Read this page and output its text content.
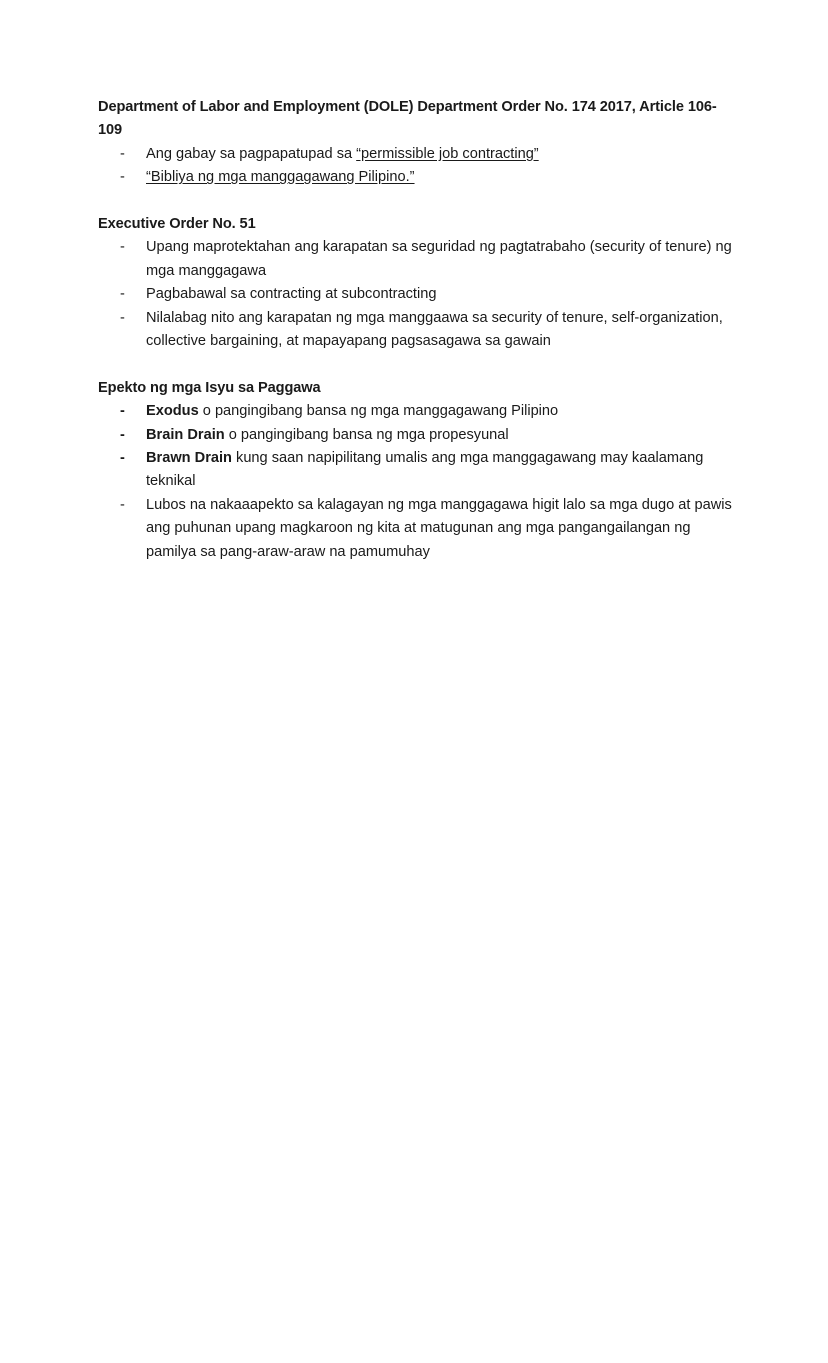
Department of Labor and Employment (DOLE) Department Order No. 174 2017, Article 106-109

-	Ang gabay sa pagpapatupad sa “permissible job contracting”
-	“Bibliya ng mga manggagawang Pilipino.”

Executive Order No. 51

-	Upang maprotektahan ang karapatan sa seguridad ng pagtatrabaho (security of tenure) ng mga manggagawa
-	Pagbabawal sa contracting at subcontracting
-	Nilalabag nito ang karapatan ng mga manggaawa sa security of tenure, self-organization, collective bargaining, at mapayapang pagsasagawa sa gawain

Epekto ng mga Isyu sa Paggawa

-	Exodus o pangingibang bansa ng mga manggagawang Pilipino
-	Brain Drain o pangingibang bansa ng mga propesyunal
-	Brawn Drain kung saan napipilitang umalis ang mga manggagawang may kaalamang teknikal
-	Lubos na nakaaapekto sa kalagayan ng mga manggagawa higit lalo sa mga dugo at pawis ang puhunan upang magkaroon ng kita at matugunan ang mga pangangailangan ng pamilya sa pang-araw-araw na pamumuhay
